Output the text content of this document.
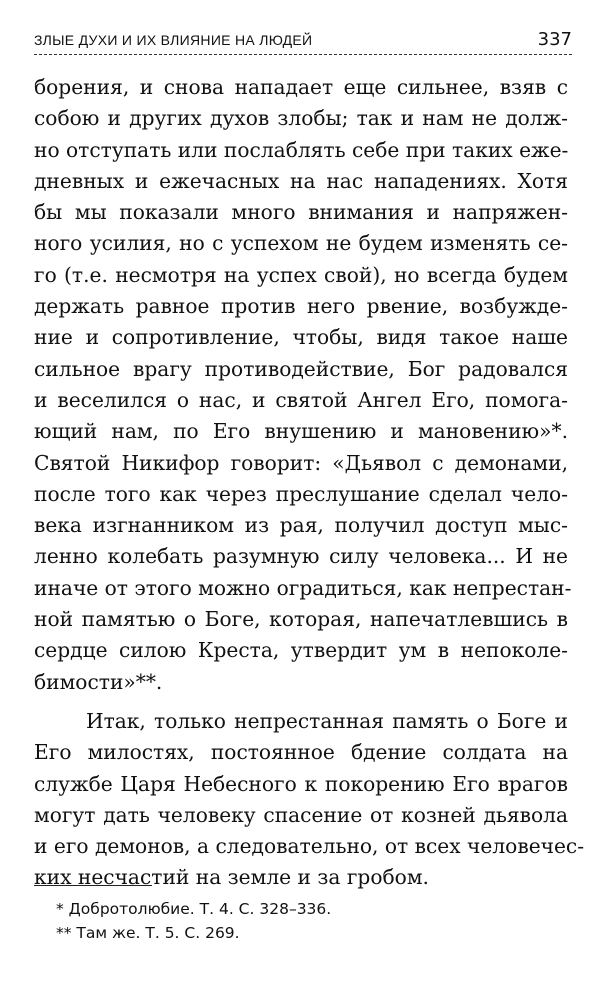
ЗЛЫЕ ДУХИ И ИХ ВЛИЯНИЕ НА ЛЮДЕЙ	337
борения, и снова нападает еще сильнее, взяв с
собою и других духов злобы; так и нам не долж-
но отступать или послаблять себе при таких еже-
дневных и ежечасных на нас нападениях. Хотя
бы мы показали много внимания и напряжен-
ного усилия, но с успехом не будем изменять се-
го (т.е. несмотря на успех свой), но всегда будем
держать равное против него рвение, возбужде-
ние и сопротивление, чтобы, видя такое наше
сильное врагу противодействие, Бог радовался
и веселился о нас, и святой Ангел Его, помога-
ющий нам, по Его внушению и мановению»*.
Святой Никифор говорит: «Дьявол с демонами,
после того как через преслушание сделал чело-
века изгнанником из рая, получил доступ мыс-
ленно колебать разумную силу человека... И не
иначе от этого можно оградиться, как непрестан-
ной памятью о Боге, которая, напечатлевшись в
сердце силою Креста, утвердит ум в непоколе-
бимости»**.
Итак, только непрестанная память о Боге и
Его милостях, постоянное бдение солдата на
службе Царя Небесного к покорению Его врагов
могут дать человеку спасение от козней дьявола
и его демонов, а следовательно, от всех человечес-
ких несчастий на земле и за гробом.
* Добротолюбие. Т. 4. С. 328–336.
** Там же. Т. 5. С. 269.
